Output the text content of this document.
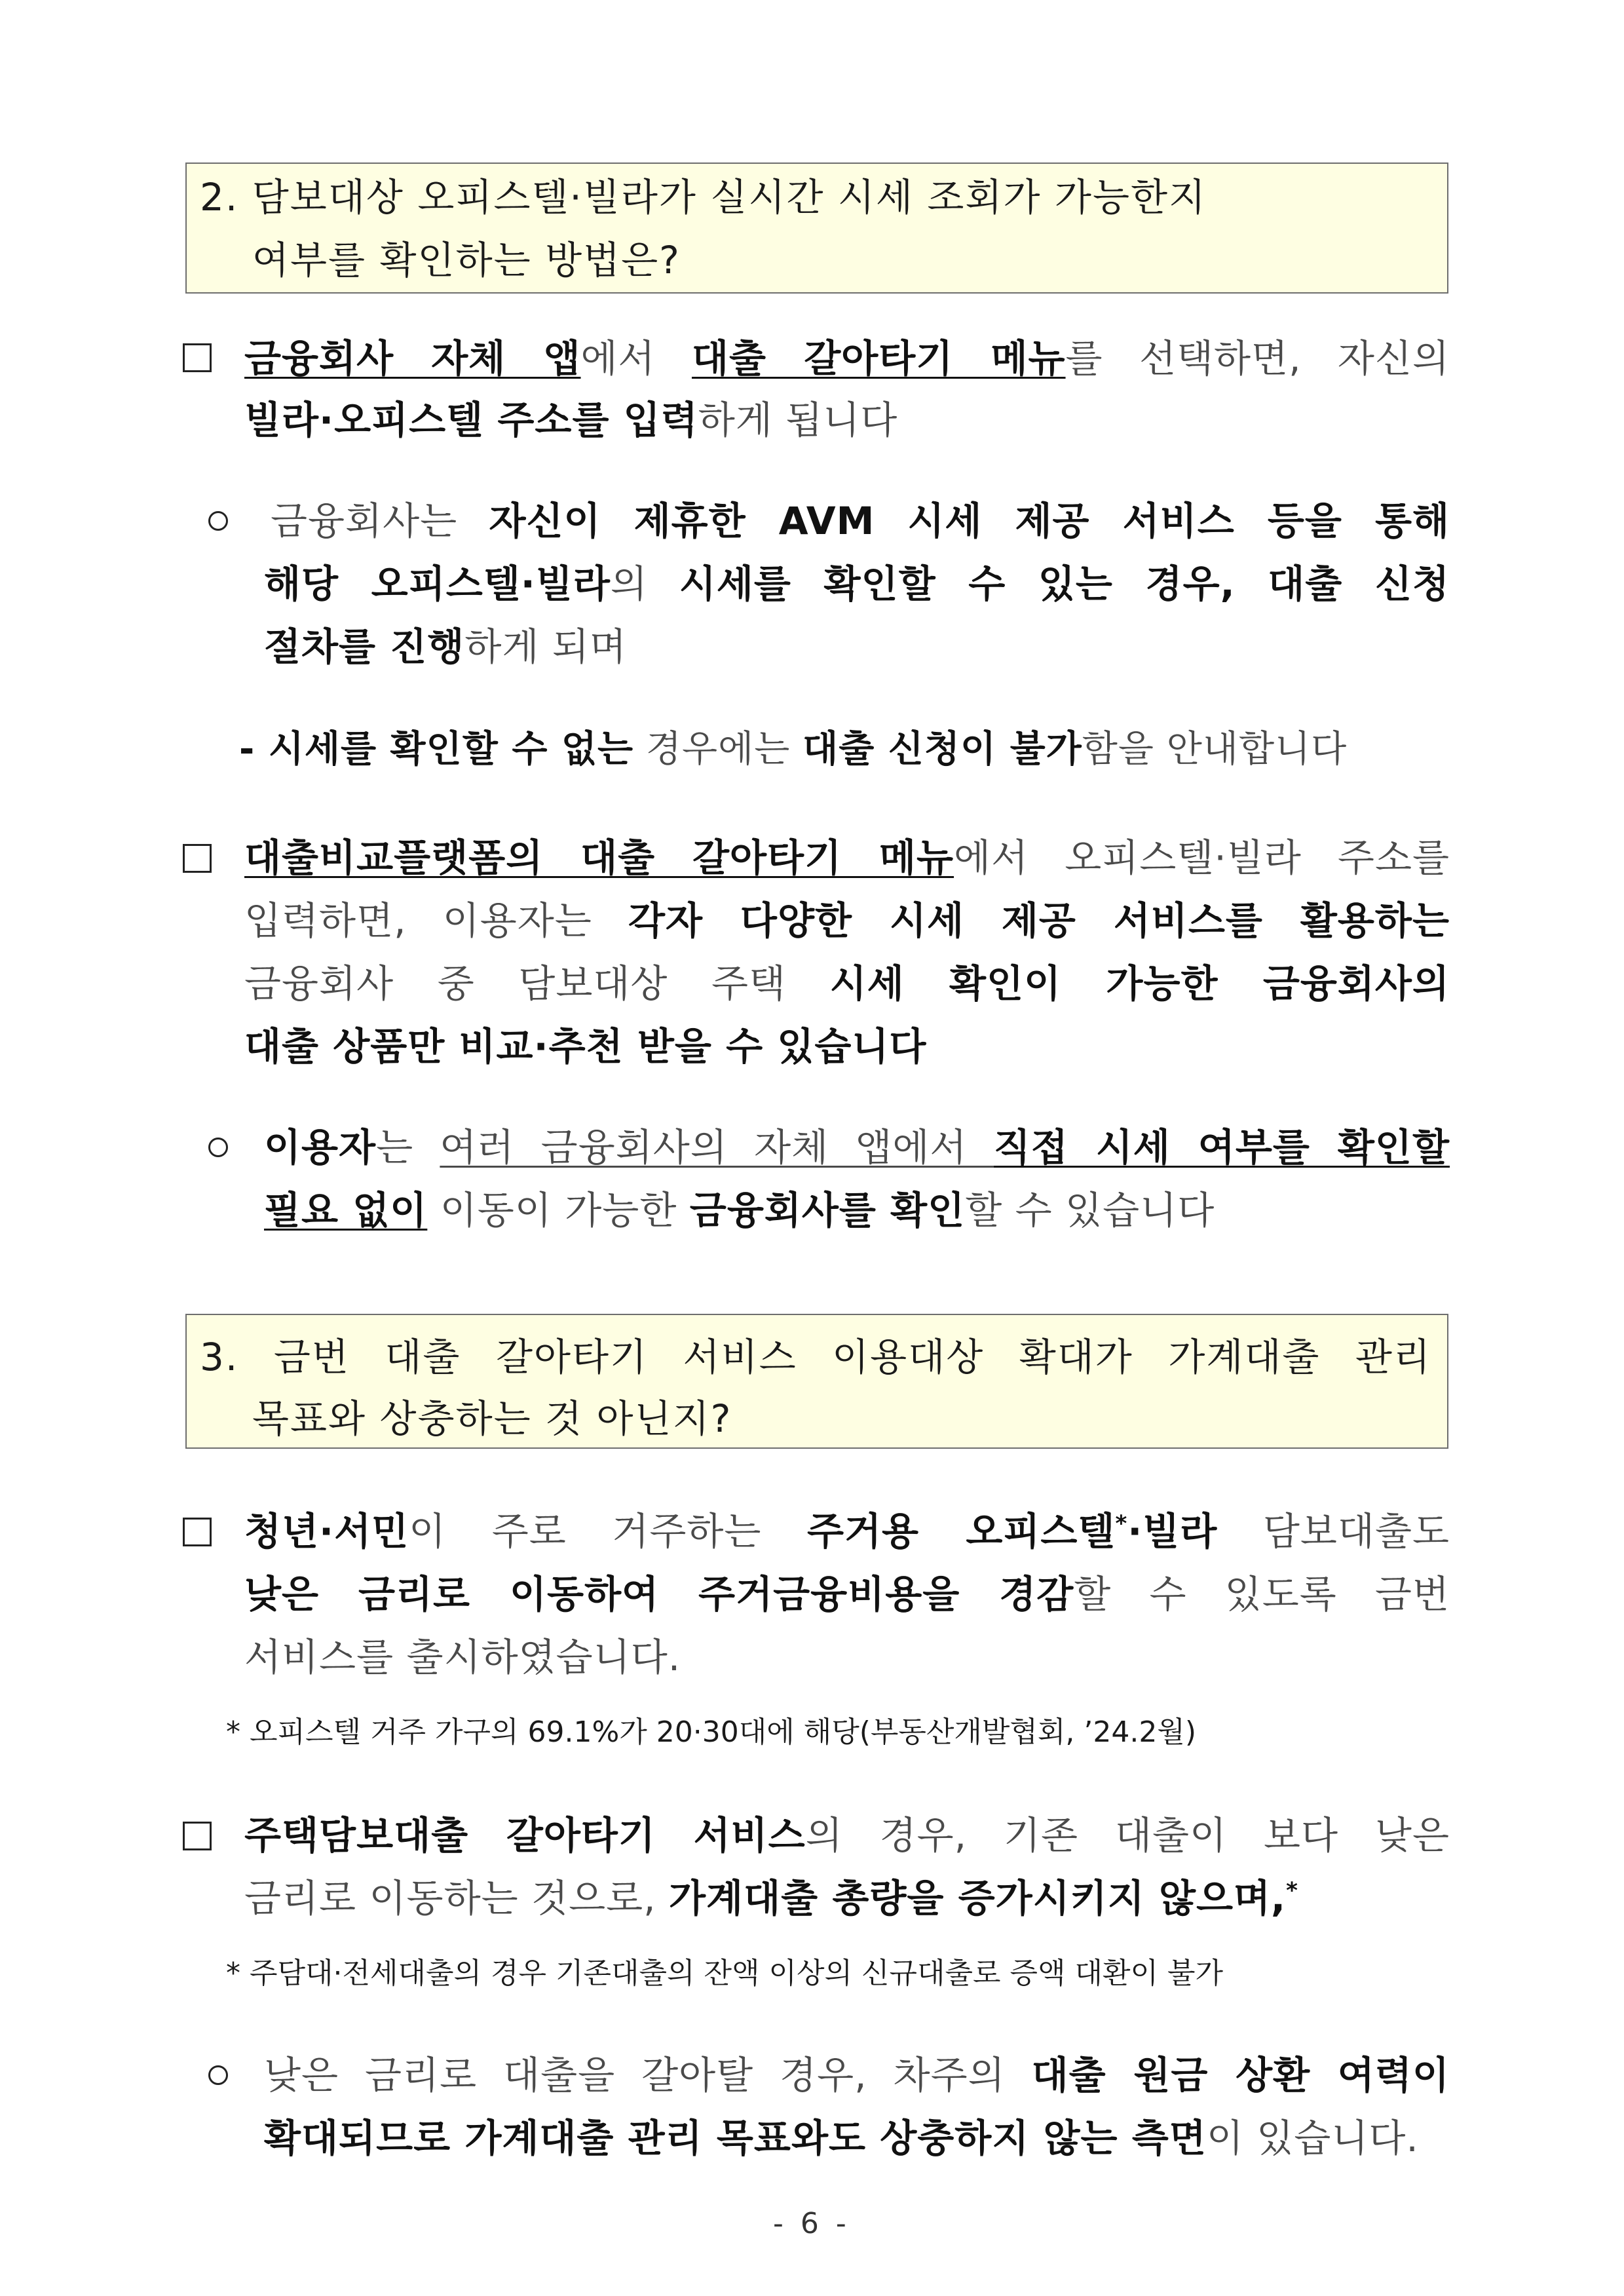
2. 담보대상 오피스텔·빌라가 실시간 시세 조회가 가능한지
여부를 확인하는 방법은?
금융회사 자체 앱에서 대출 갈아타기 메뉴를 선택하면, 자신의
빌라·오피스텔 주소를 입력하게 됩니다
금융회사는 자신이 제휴한 AVM 시세 제공 서비스 등을 통해
해당 오피스텔·빌라의 시세를 확인할 수 있는 경우, 대출 신청
절차를 진행하게 되며
- 시세를 확인할 수 없는 경우에는 대출 신청이 불가함을 안내합니다
대출비교플랫폼의 대출 갈아타기 메뉴에서 오피스텔·빌라 주소를
입력하면, 이용자는 각자 다양한 시세 제공 서비스를 활용하는
금융회사 중 담보대상 주택 시세 확인이 가능한 금융회사의
대출 상품만 비교·추천 받을 수 있습니다
이용자는 여러 금융회사의 자체 앱에서 직접 시세 여부를 확인할
필요 없이 이동이 가능한 금융회사를 확인할 수 있습니다
3. 금번 대출 갈아타기 서비스 이용대상 확대가 가계대출 관리
목표와 상충하는 것 아닌지?
청년·서민이 주로 거주하는 주거용 오피스텔*·빌라 담보대출도
낮은 금리로 이동하여 주거금융비용을 경감할 수 있도록 금번
서비스를 출시하였습니다.
* 오피스텔 거주 가구의 69.1%가 20·30대에 해당(부동산개발협회, ’24.2월)
주택담보대출 갈아타기 서비스의 경우, 기존 대출이 보다 낮은
금리로 이동하는 것으로, 가계대출 총량을 증가시키지 않으며,*
* 주담대·전세대출의 경우 기존대출의 잔액 이상의 신규대출로 증액 대환이 불가
낮은 금리로 대출을 갈아탈 경우, 차주의 대출 원금 상환 여력이
확대되므로 가계대출 관리 목표와도 상충하지 않는 측면이 있습니다.
- 6 -
